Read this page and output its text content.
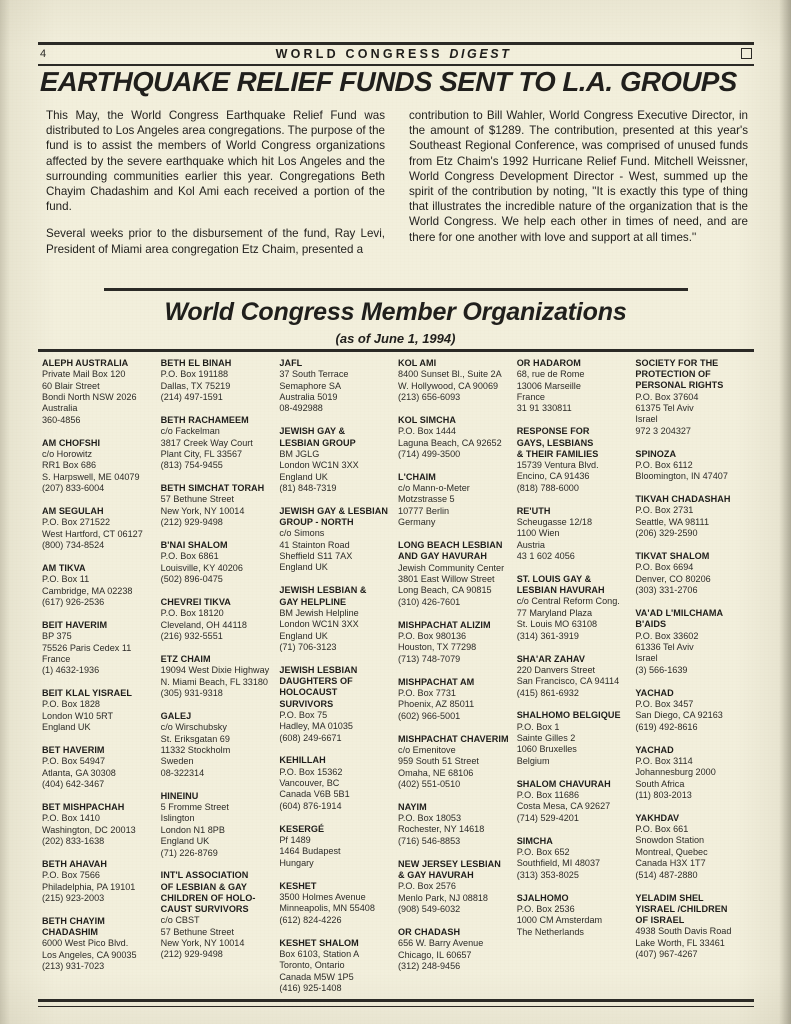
4	WORLD CONGRESS DIGEST
EARTHQUAKE RELIEF FUNDS SENT TO L.A. GROUPS

This May, the World Congress Earthquake Relief Fund was distributed to Los Angeles area congregations. The purpose of the fund is to assist the members of World Congress organizations affected by the severe earthquake which hit Los Angeles and the surrounding communities earlier this year. Congregations Beth Chayim Chadashim and Kol Ami each received a portion of the fund.

Several weeks prior to the disbursement of the fund, Ray Levi, President of Miami area congregation Etz Chaim, presented a

contribution to Bill Wahler, World Congress Executive Director, in the amount of $1289. The contribution, presented at this year's Southeast Regional Conference, was comprised of unused funds from Etz Chaim's 1992 Hurricane Relief Fund. Mitchell Weissner, World Congress Development Director - West, summed up the spirit of the contribution by noting, ''It is exactly this type of thing that illustrates the incredible nature of the organization that is the World Congress. We help each other in times of need, and are there for one another with love and support at all times.''

World Congress Member Organizations
(as of June 1, 1994)
ALEPH AUSTRALIA
Private Mail Box 120
60 Blair Street
Bondi North NSW 2026
Australia
360-4856
AM CHOFSHI
c/o Horowitz
RR1 Box 686
S. Harpswell, ME 04079
(207) 833-6004
AM SEGULAH
P.O. Box 271522
West Hartford, CT 06127
(800) 734-8524
AM TIKVA
P.O. Box 11
Cambridge, MA 02238
(617) 926-2536
BEIT HAVERIM
BP 375
75526 Paris Cedex 11
France
(1) 4632-1936
BEIT KLAL YISRAEL
P.O. Box 1828
London W10 5RT
England UK
BET HAVERIM
P.O. Box 54947
Atlanta, GA 30308
(404) 642-3467
BET MISHPACHAH
P.O. Box 1410
Washington, DC 20013
(202) 833-1638
BETH AHAVAH
P.O. Box 7566
Philadelphia, PA 19101
(215) 923-2003
BETH CHAYIM
CHADASHIM
6000 West Pico Blvd.
Los Angeles, CA 90035
(213) 931-7023
BETH EL BINAH
P.O. Box 191188
Dallas, TX 75219
(214) 497-1591
BETH RACHAMEEM
c/o Fackelman
3817 Creek Way Court
Plant City, FL 33567
(813) 754-9455
BETH SIMCHAT TORAH
57 Bethune Street
New York, NY 10014
(212) 929-9498
B'NAI SHALOM
P.O. Box 6861
Louisville, KY 40206
(502) 896-0475
CHEVREI TIKVA
P.O. Box 18120
Cleveland, OH 44118
(216) 932-5551
ETZ CHAIM
19094 West Dixie Highway
N. Miami Beach, FL 33180
(305) 931-9318
GALEJ
c/o Wirschubsky
St. Eriksgatan 69
11332 Stockholm
Sweden
08-322314
HINEINU
5 Fromme Street
Islington
London N1 8PB
England UK
(71) 226-8769
INT'L ASSOCIATION
OF LESBIAN & GAY
CHILDREN OF HOLO-
CAUST SURVIVORS
c/o CBST
57 Bethune Street
New York, NY 10014
(212) 929-9498
JAFL
37 South Terrace
Semaphore SA
Australia 5019
08-492988
JEWISH GAY &
LESBIAN GROUP
BM JGLG
London WC1N 3XX
England UK
(81) 848-7319
JEWISH GAY & LESBIAN
GROUP - NORTH
c/o Simons
41 Stainton Road
Sheffield S11 7AX
England UK
JEWISH LESBIAN &
GAY HELPLINE
BM Jewish Helpline
London WC1N 3XX
England UK
(71) 706-3123
JEWISH LESBIAN
DAUGHTERS OF
HOLOCAUST
SURVIVORS
P.O. Box 75
Hadley, MA 01035
(608) 249-6671
KEHILLAH
P.O. Box 15362
Vancouver, BC
Canada V6B 5B1
(604) 876-1914
KESERGÉ
Pf 1489
1464 Budapest
Hungary
KESHET
3500 Holmes Avenue
Minneapolis, MN 55408
(612) 824-4226
KESHET SHALOM
Box 6103, Station A
Toronto, Ontario
Canada M5W 1P5
(416) 925-1408
KOL AMI
8400 Sunset Bl., Suite 2A
W. Hollywood, CA 90069
(213) 656-6093
KOL SIMCHA
P.O. Box 1444
Laguna Beach, CA 92652
(714) 499-3500
L'CHAIM
c/o Mann-o-Meter
Motzstrasse 5
10777 Berlin
Germany
LONG BEACH LESBIAN
AND GAY HAVURAH
Jewish Community Center
3801 East Willow Street
Long Beach, CA 90815
(310) 426-7601
MISHPACHAT ALIZIM
P.O. Box 980136
Houston, TX 77298
(713) 748-7079
MISHPACHAT AM
P.O. Box 7731
Phoenix, AZ 85011
(602) 966-5001
MISHPACHAT CHAVERIM
c/o Emenitove
959 South 51 Street
Omaha, NE 68106
(402) 551-0510
NAYIM
P.O. Box 18053
Rochester, NY 14618
(716) 546-8853
NEW JERSEY LESBIAN
& GAY HAVURAH
P.O. Box 2576
Menlo Park, NJ 08818
(908) 549-6032
OR CHADASH
656 W. Barry Avenue
Chicago, IL 60657
(312) 248-9456
OR HADAROM
68, rue de Rome
13006 Marseille
France
31 91 330811
RESPONSE FOR
GAYS, LESBIANS
& THEIR FAMILIES
15739 Ventura Blvd.
Encino, CA 91436
(818) 788-6000
RE'UTH
Scheugasse 12/18
1100 Wien
Austria
43 1 602 4056
ST. LOUIS GAY &
LESBIAN HAVURAH
c/o Central Reform Cong.
77 Maryland Plaza
St. Louis MO 63108
(314) 361-3919
SHA'AR ZAHAV
220 Danvers Street
San Francisco, CA 94114
(415) 861-6932
SHALHOMO BELGIQUE
P.O. Box 1
Sainte Gilles 2
1060 Bruxelles
Belgium
SHALOM CHAVURAH
P.O. Box 11686
Costa Mesa, CA 92627
(714) 529-4201
SIMCHA
P.O. Box 652
Southfield, MI 48037
(313) 353-8025
SJALHOMO
P.O. Box 2536
1000 CM Amsterdam
The Netherlands
SOCIETY FOR THE
PROTECTION OF
PERSONAL RIGHTS
P.O. Box 37604
61375 Tel Aviv
Israel
972 3 204327
SPINOZA
P.O. Box 6112
Bloomington, IN 47407
TIKVAH CHADASHAH
P.O. Box 2731
Seattle, WA 98111
(206) 329-2590
TIKVAT SHALOM
P.O. Box 6694
Denver, CO 80206
(303) 331-2706
VA'AD L'MILCHAMA
B'AIDS
P.O. Box 33602
61336 Tel Aviv
Israel
(3) 566-1639
YACHAD
P.O. Box 3457
San Diego, CA 92163
(619) 492-8616
YACHAD
P.O. Box 3114
Johannesburg 2000
South Africa
(11) 803-2013
YAKHDAV
P.O. Box 661
Snowdon Station
Montreal, Quebec
Canada H3X 1T7
(514) 487-2880
YELADIM SHEL
YISRAEL /CHILDREN
OF ISRAEL
4938 South Davis Road
Lake Worth, FL 33461
(407) 967-4267
